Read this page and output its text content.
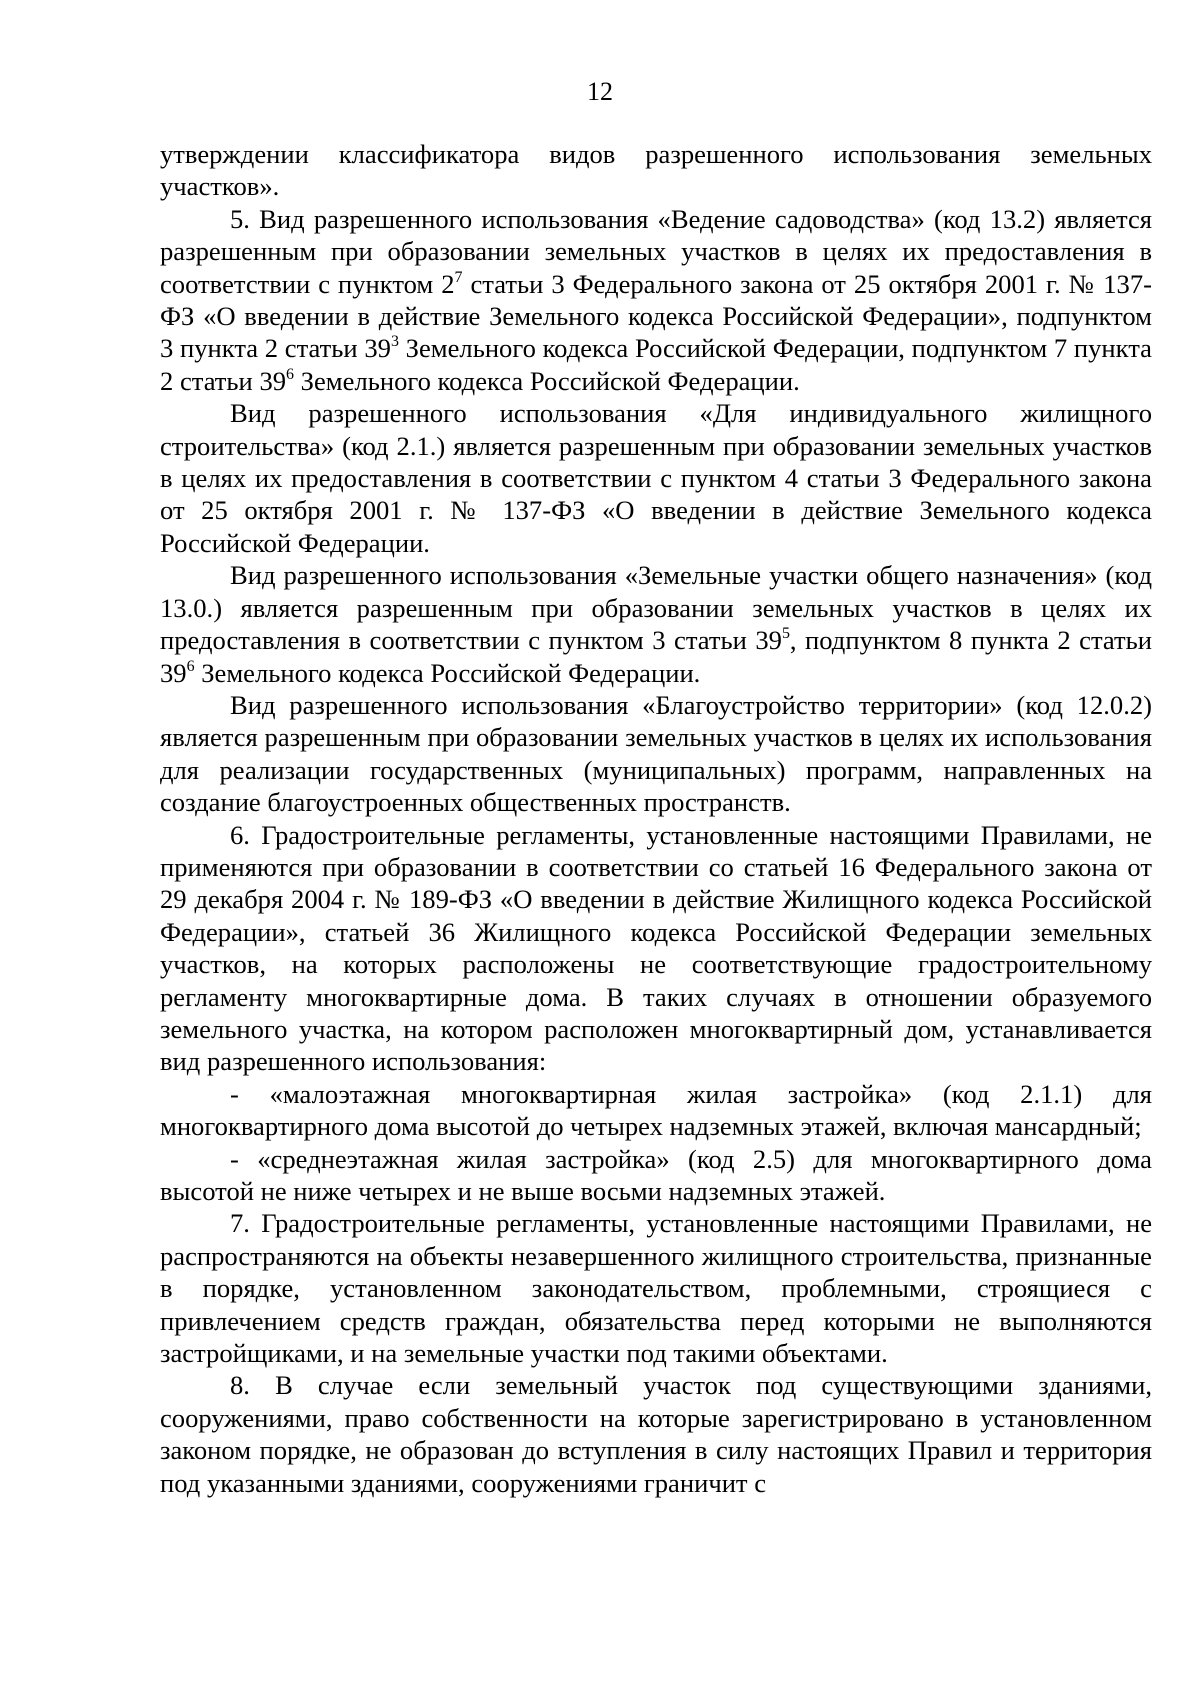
12

утверждении классификатора видов разрешенного использования земельных участков».

5. Вид разрешенного использования «Ведение садоводства» (код 13.2) является разрешенным при образовании земельных участков в целях их предоставления в соответствии с пунктом $2^7$ статьи 3 Федерального закона от 25 октября 2001 г. № 137-ФЗ «О введении в действие Земельного кодекса Российской Федерации», подпунктом 3 пункта 2 статьи $39^3$ Земельного кодекса Российской Федерации, подпунктом 7 пункта 2 статьи $39^6$ Земельного кодекса Российской Федерации.

Вид разрешенного использования «Для индивидуального жилищного строительства» (код 2.1.) является разрешенным при образовании земельных участков в целях их предоставления в соответствии с пунктом 4 статьи 3 Федерального закона от 25 октября 2001 г. № 137-ФЗ «О введении в действие Земельного кодекса Российской Федерации.

Вид разрешенного использования «Земельные участки общего назначения» (код 13.0.) является разрешенным при образовании земельных участков в целях их предоставления в соответствии с пунктом 3 статьи $39^5$, подпунктом 8 пункта 2 статьи $39^6$ Земельного кодекса Российской Федерации.

Вид разрешенного использования «Благоустройство территории» (код 12.0.2) является разрешенным при образовании земельных участков в целях их использования для реализации государственных (муниципальных) программ, направленных на создание благоустроенных общественных пространств.

6. Градостроительные регламенты, установленные настоящими Правилами, не применяются при образовании в соответствии со статьей 16 Федерального закона от 29 декабря 2004 г. № 189-ФЗ «О введении в действие Жилищного кодекса Российской Федерации», статьей 36 Жилищного кодекса Российской Федерации земельных участков, на которых расположены не соответствующие градостроительному регламенту многоквартирные дома. В таких случаях в отношении образуемого земельного участка, на котором расположен многоквартирный дом, устанавливается вид разрешенного использования:

- «малоэтажная многоквартирная жилая застройка» (код 2.1.1) для многоквартирного дома высотой до четырех надземных этажей, включая мансардный;

- «среднеэтажная жилая застройка» (код 2.5) для многоквартирного дома высотой не ниже четырех и не выше восьми надземных этажей.

7. Градостроительные регламенты, установленные настоящими Правилами, не распространяются на объекты незавершенного жилищного строительства, признанные в порядке, установленном законодательством, проблемными, строящиеся с привлечением средств граждан, обязательства перед которыми не выполняются застройщиками, и на земельные участки под такими объектами.

8. В случае если земельный участок под существующими зданиями, сооружениями, право собственности на которые зарегистрировано в установленном законом порядке, не образован до вступления в силу настоящих Правил и территория под указанными зданиями, сооружениями граничит с
